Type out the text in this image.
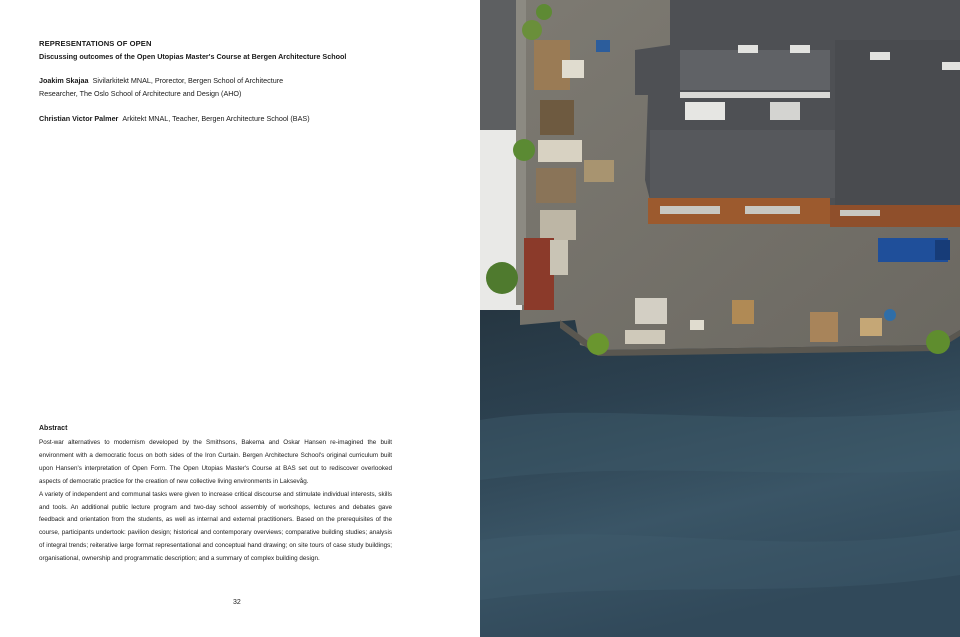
REPRESENTATIONS OF OPEN
Discussing outcomes of the Open Utopias Master's Course at Bergen Architecture School
Joakim Skajaa Sivilarkitekt MNAL, Prorector, Bergen School of Architecture
Researcher, The Oslo School of Architecture and Design (AHO)
Christian Victor Palmer Arkitekt MNAL, Teacher, Bergen Architecture School (BAS)
Abstract

Post-war alternatives to modernism developed by the Smithsons, Bakema and Oskar Hansen re-imagined the built environment with a democratic focus on both sides of the Iron Curtain. Bergen Architecture School's original curriculum built upon Hansen's interpretation of Open Form. The Open Utopias Master's Course at BAS set out to rediscover overlooked aspects of democratic practice for the creation of new collective living environments in Laksevåg.

A variety of independent and communal tasks were given to increase critical discourse and stimulate individual interests, skills and tools. An additional public lecture program and two-day school assembly of workshops, lectures and debates gave feedback and orientation from the students, as well as internal and external practitioners. Based on the prerequisites of the course, participants undertook: pavilion design; historical and contemporary overviews; comparative building studies; analysis of integral trends; reiterative large format representational and conceptual hand drawing; on site tours of case study buildings; organisational, ownership and programmatic description; and a summary of complex building design.

32
